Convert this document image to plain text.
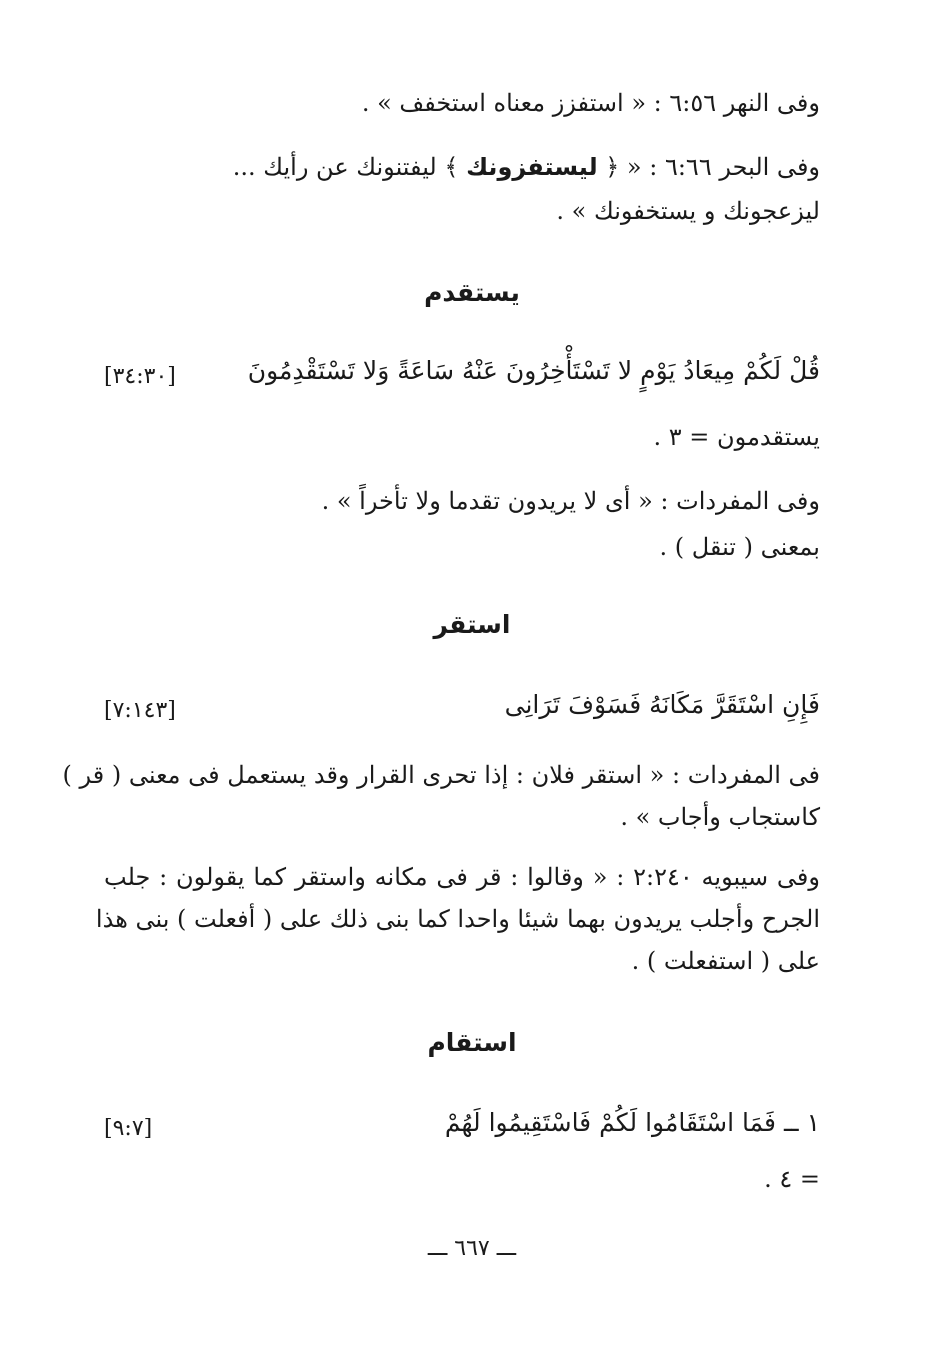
وفى النهر ٦:٥٦ : « استفزز معناه استخفف » .
وفى البحر ٦:٦٦ : « ﴿ ليستفزونك ﴾ ليفتنونك عن رأيك ...
ليزعجونك و يستخفونك » .
يستقدم
قُلْ لَكُمْ مِيعَادُ يَوْمٍ لا تَسْتَأْخِرُونَ عَنْهُ سَاعَةً وَلا تَسْتَقْدِمُونَ
[٣٤:٣٠]
يستقدمون = ٣ .
وفى المفردات : « أى لا يريدون تقدما ولا تأخراً » .
بمعنى ( تنقل ) .
استقر
فَإِنِ اسْتَقَرَّ مَكَانَهُ فَسَوْفَ تَرَانِى
[٧:١٤٣]
فى المفردات : « استقر فلان : إذا تحرى القرار وقد يستعمل فى معنى ( قر )
كاستجاب وأجاب » .
وفى سيبويه ٢:٢٤٠ : « وقالوا : قر فى مكانه واستقر كما يقولون : جلب
الجرح وأجلب يريدون بهما شيئا واحدا كما بنى ذلك على ( أفعلت ) بنى هذا
على ( استفعلت ) .
استقام
١ ــ فَمَا اسْتَقَامُوا لَكُمْ فَاسْتَقِيمُوا لَهُمْ
[٩:٧]
= ٤ .
ـــ ٦٦٧ ـــ
